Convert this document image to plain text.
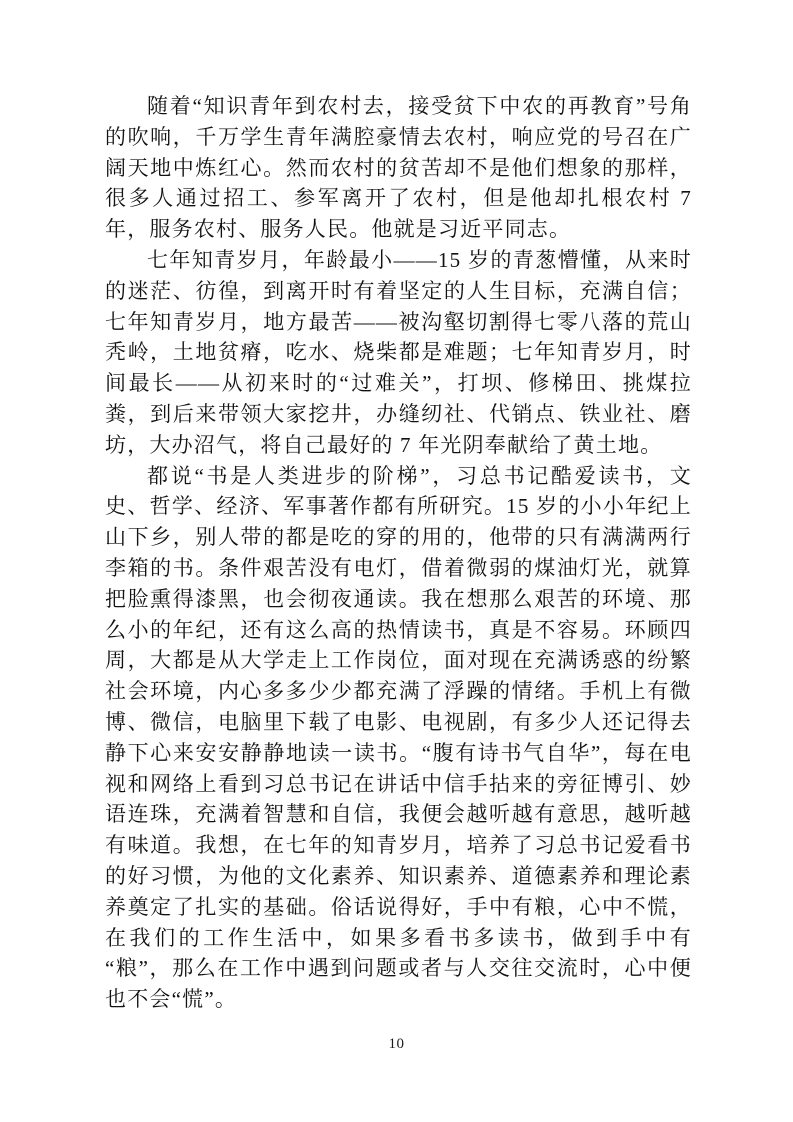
随着“知识青年到农村去，接受贫下中农的再教育”号角的吹响，千万学生青年满腔豪情去农村，响应党的号召在广阔天地中炼红心。然而农村的贫苦却不是他们想象的那样，很多人通过招工、参军离开了农村，但是他却扎根农村 7 年，服务农村、服务人民。他就是习近平同志。

七年知青岁月，年龄最小——15 岁的青葱懵懂，从来时的迷茫、彷徨，到离开时有着坚定的人生目标，充满自信；七年知青岁月，地方最苦——被沟壑切割得七零八落的荒山秃岭，土地贫瘠，吃水、烧柴都是难题；七年知青岁月，时间最长——从初来时的“过难关”，打坝、修梯田、挑煤拉粪，到后来带领大家挖井，办缝纫社、代销点、铁业社、磨坊，大办沼气，将自己最好的 7 年光阴奉献给了黄土地。

都说“书是人类进步的阶梯”，习总书记酷爱读书，文史、哲学、经济、军事著作都有所研究。15 岁的小小年纪上山下乡，别人带的都是吃的穿的用的，他带的只有满满两行李箱的书。条件艰苦没有电灯，借着微弱的煤油灯光，就算把脸熏得漆黑，也会彻夜通读。我在想那么艰苦的环境、那么小的年纪，还有这么高的热情读书，真是不容易。环顾四周，大都是从大学走上工作岗位，面对现在充满诱惑的纷繁社会环境，内心多多少少都充满了浮躁的情绪。手机上有微博、微信，电脑里下载了电影、电视剧，有多少人还记得去静下心来安安静静地读一读书。“腹有诗书气自华”，每在电视和网络上看到习总书记在讲话中信手拈来的旁征博引、妙语连珠，充满着智慧和自信，我便会越听越有意思，越听越有味道。我想，在七年的知青岁月，培养了习总书记爱看书的好习惯，为他的文化素养、知识素养、道德素养和理论素养奠定了扎实的基础。俗话说得好，手中有粮，心中不慌，在我们的工作生活中，如果多看书多读书，做到手中有“粮”，那么在工作中遇到问题或者与人交往交流时，心中便也不会“慌”。

10
